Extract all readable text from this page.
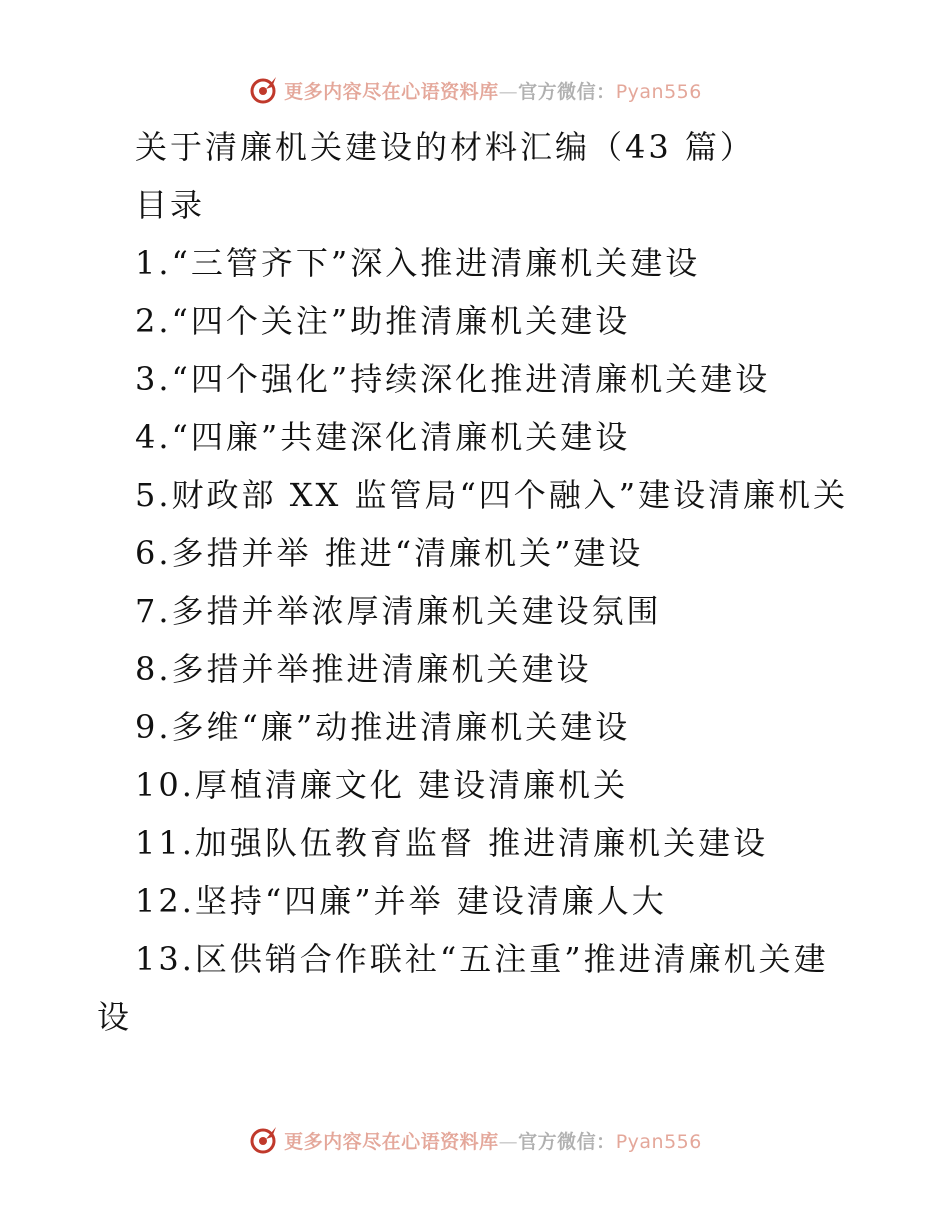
更多内容尽在心语资料库—官方微信：Pyan556
关于清廉机关建设的材料汇编（43 篇）
目录
1.“三管齐下”深入推进清廉机关建设
2.“四个关注”助推清廉机关建设
3.“四个强化”持续深化推进清廉机关建设
4.“四廉”共建深化清廉机关建设
5.财政部 XX 监管局“四个融入”建设清廉机关
6.多措并举 推进“清廉机关”建设
7.多措并举浓厚清廉机关建设氛围
8.多措并举推进清廉机关建设
9.多维“廉”动推进清廉机关建设
10.厚植清廉文化 建设清廉机关
11.加强队伍教育监督 推进清廉机关建设
12.坚持“四廉”并举 建设清廉人大
13.区供销合作联社“五注重”推进清廉机关建
设
更多内容尽在心语资料库—官方微信：Pyan556
